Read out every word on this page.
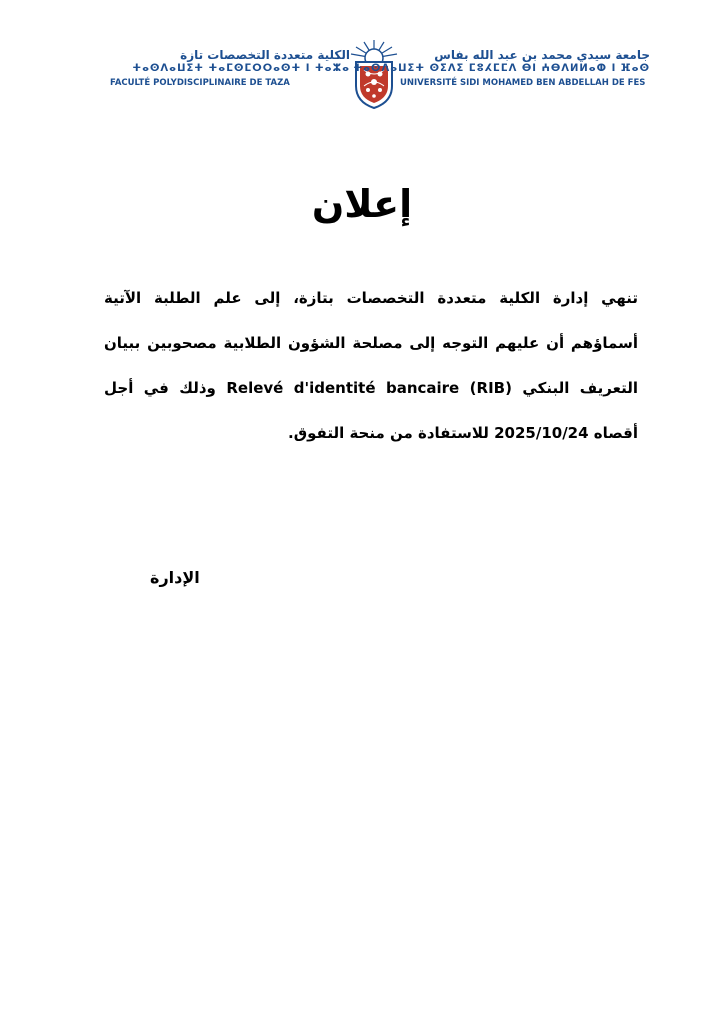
الكلية متعددة التخصصات تازة
ⵜⴰⵙⴷⴰⵡⵉⵜ ⵜⴰⵎⵙⵎⵔⵔⴰⵙⵜ ⵏ ⵜⴰⵣⴰ
FACULTÉ POLYDISCIPLINAIRE DE TAZA
جامعة سيدي محمد بن عبد الله بفاس
ⵜⴰⵙⴷⴰⵡⵉⵜ ⵙⵉⴷⵉ ⵎⵓⵃⵎⵎⴷ ⴱⵏ ⵄⴱⴷⵍⵍⴰⵀ ⵏ ⴼⴰⵙ
UNIVERSITÉ SIDI MOHAMED BEN ABDELLAH DE FES
إعلان
تنهي إدارة الكلية متعددة التخصصات بتازة، إلى علم الطلبة الآتية أسماؤهم أن عليهم التوجه إلى مصلحة الشؤون الطلابية مصحوبين ببيان التعريف البنكي Relevé d'identité bancaire (RIB) وذلك في أجل أقصاه 2025/10/24 للاستفادة من منحة التفوق.
الإدارة
